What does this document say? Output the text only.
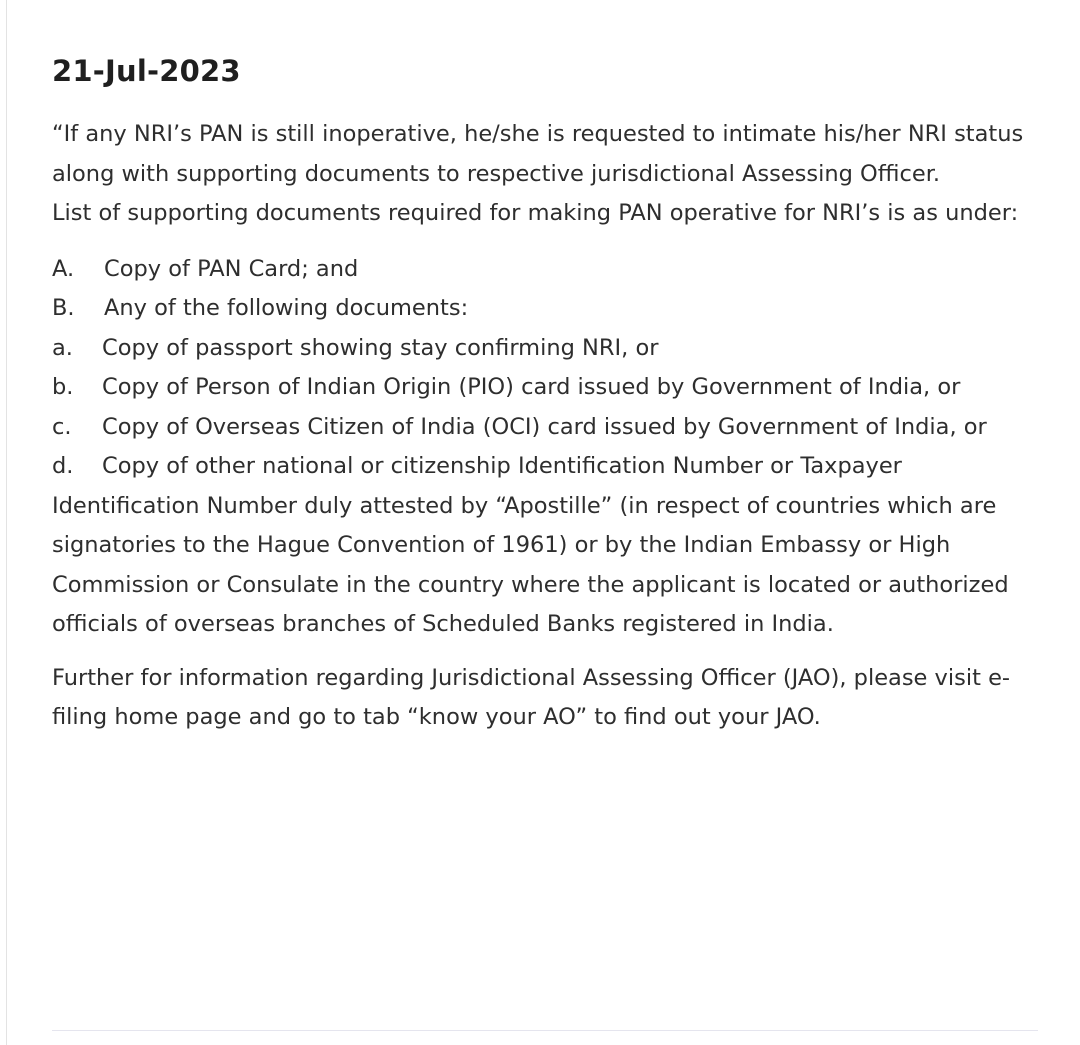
21-Jul-2023

“If any NRI’s PAN is still inoperative, he/she is requested to intimate his/her NRI status along with supporting documents to respective jurisdictional Assessing Officer.

List of supporting documents required for making PAN operative for NRI’s is as under:

A. Copy of PAN Card; and

B. Any of the following documents:

a. Copy of passport showing stay confirming NRI, or

b. Copy of Person of Indian Origin (PIO) card issued by Government of India, or

c. Copy of Overseas Citizen of India (OCI) card issued by Government of India, or

d. Copy of other national or citizenship Identification Number or Taxpayer Identification Number duly attested by “Apostille” (in respect of countries which are signatories to the Hague Convention of 1961) or by the Indian Embassy or High Commission or Consulate in the country where the applicant is located or authorized officials of overseas branches of Scheduled Banks registered in India.

Further for information regarding Jurisdictional Assessing Officer (JAO), please visit e-filing home page and go to tab “know your AO” to find out your JAO.
